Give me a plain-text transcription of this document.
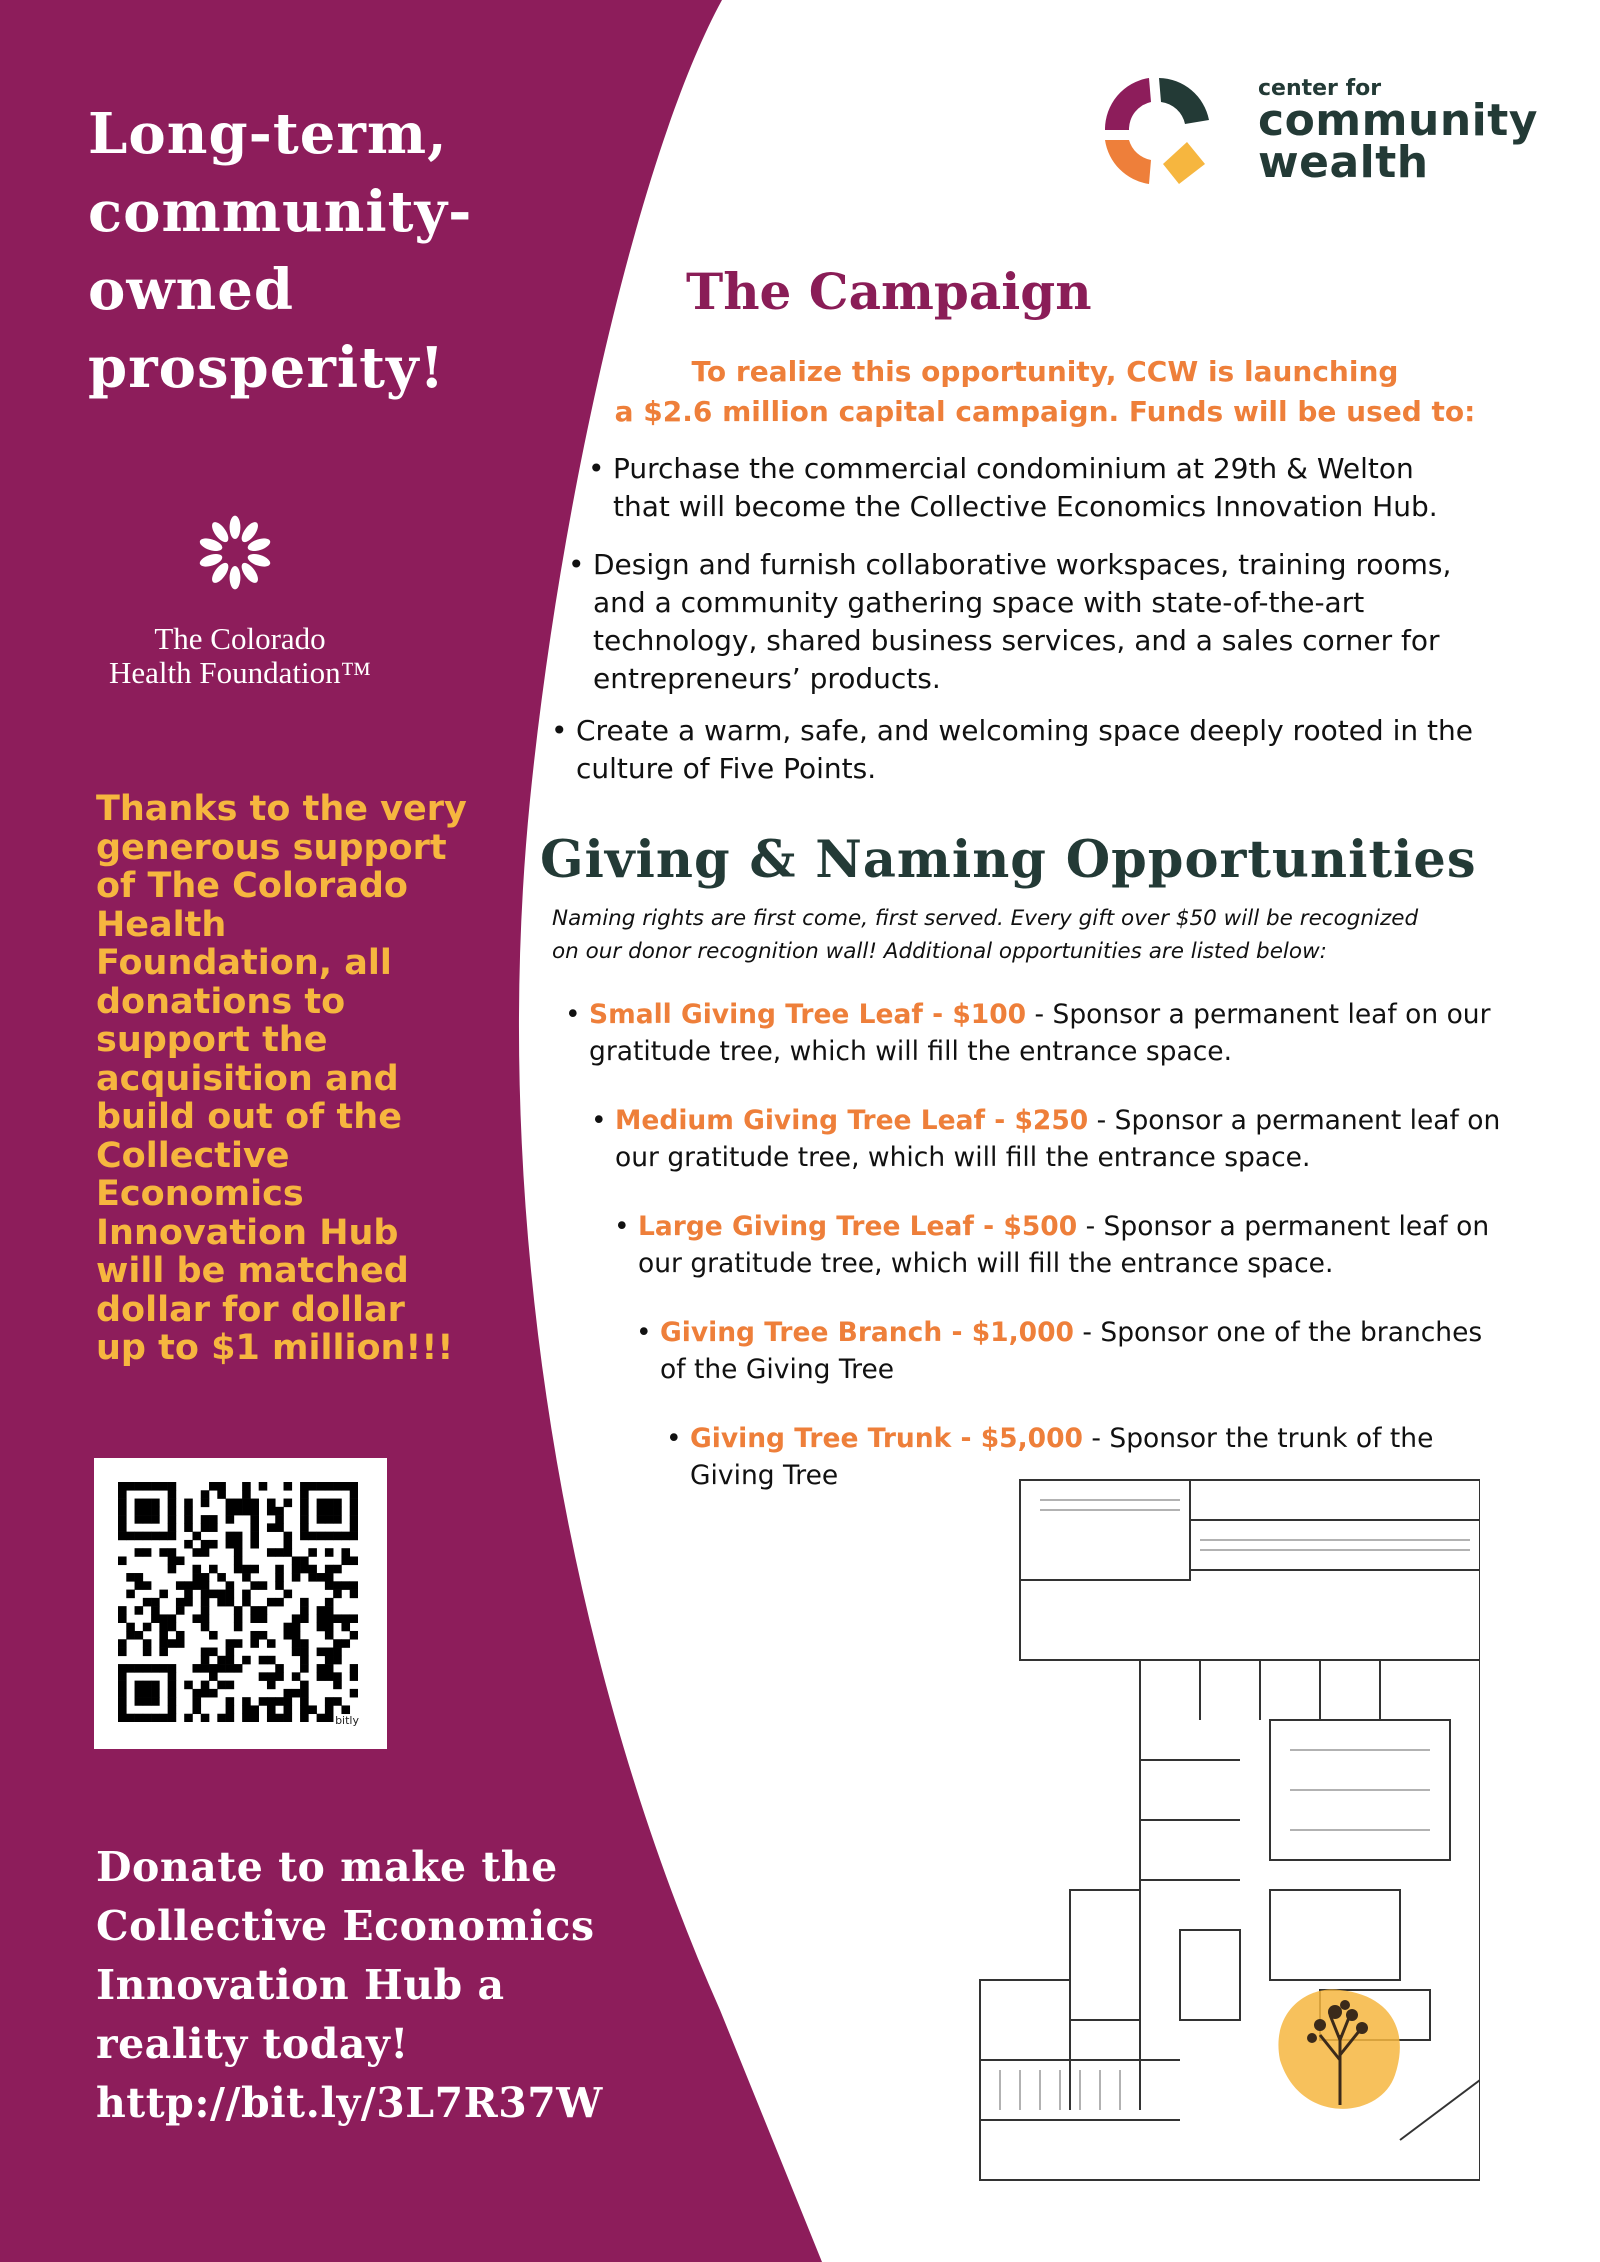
Long-term,
community-
owned
prosperity!
The Colorado
Health Foundation™
Thanks to the very
generous support
of The Colorado
Health
Foundation, all
donations to
support the
acquisition and
build out of the
Collective
Economics
Innovation Hub
will be matched
dollar for dollar
up to $1 million!!!
bitly
Donate to make the
Collective Economics
Innovation Hub a
reality today!
http://bit.ly/3L7R37W
center for
community
wealth
The Campaign
To realize this opportunity, CCW is launching
a $2.6 million capital campaign. Funds will be used to:
• Purchase the commercial condominium at 29th & Welton
that will become the Collective Economics Innovation Hub.
• Design and furnish collaborative workspaces, training rooms,
and a community gathering space with state-of-the-art
technology, shared business services, and a sales corner for
entrepreneurs’ products.
• Create a warm, safe, and welcoming space deeply rooted in the
culture of Five Points.
Giving & Naming Opportunities
Naming rights are first come, first served. Every gift over $50 will be recognized
on our donor recognition wall! Additional opportunities are listed below:
• Small Giving Tree Leaf - $100 - Sponsor a permanent leaf on our
gratitude tree, which will fill the entrance space.
• Medium Giving Tree Leaf - $250 - Sponsor a permanent leaf on
our gratitude tree, which will fill the entrance space.
• Large Giving Tree Leaf - $500 - Sponsor a permanent leaf on
our gratitude tree, which will fill the entrance space.
• Giving Tree Branch - $1,000 - Sponsor one of the branches
of the Giving Tree
• Giving Tree Trunk - $5,000 - Sponsor the trunk of the
Giving Tree
